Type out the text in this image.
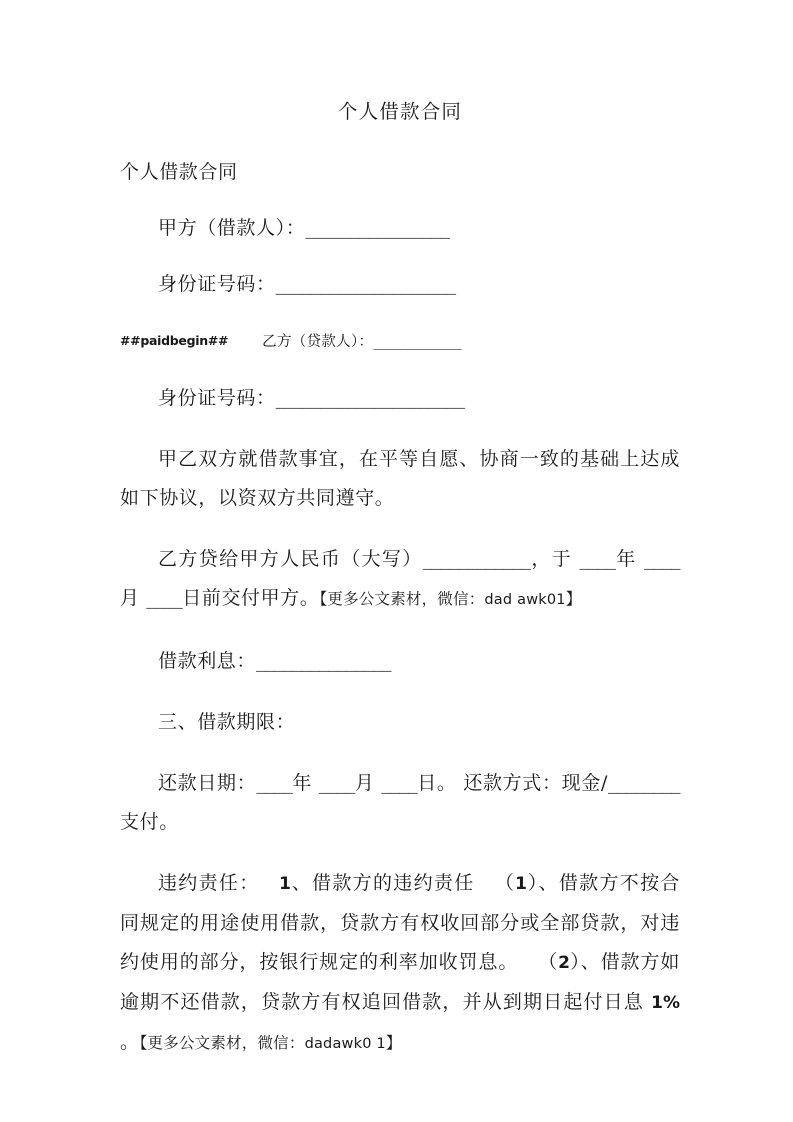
个人借款合同

个人借款合同

甲方（借款人）：________________

身份证号码：____________________

##paidbegin## 乙方（贷款人）：_____________

身份证号码：_____________________

甲乙双方就借款事宜，在平等自愿、协商一致的基础上达成如下协议，以资双方共同遵守。

乙方贷给甲方人民币（大写）____________，于 ____年 ____月 ____日前交付甲方。【更多公文素材，微信：dad awk01】

借款利息：_______________

三、借款期限：

还款日期：____年 ____月 ____日。 还款方式：现金/________支付。

违约责任：  1、借款方的违约责任  （1）、借款方不按合同规定的用途使用借款，贷款方有权收回部分或全部贷款，对违约使用的部分，按银行规定的利率加收罚息。  （2）、借款方如逾期不还借款，贷款方有权追回借款，并从到期日起付日息 1% 。【更多公文素材，微信：dadawk0 1】
